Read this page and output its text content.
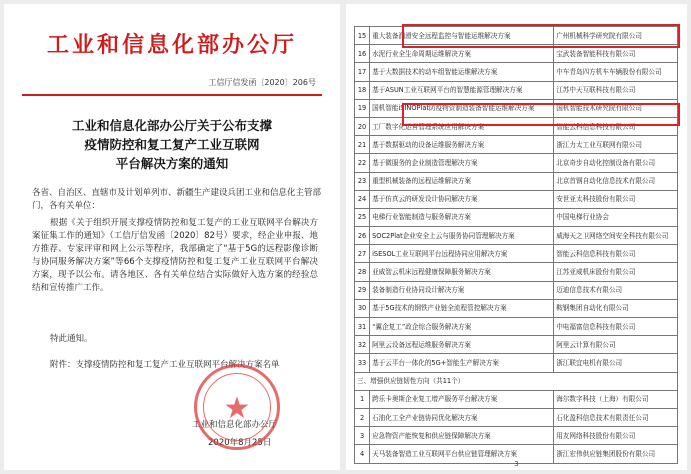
工业和信息化部办公厅
工信厅信发函〔2020〕206号
工业和信息化部办公厅关于公布支撑
疫情防控和复工复产工业互联网
平台解决方案的通知
各省、自治区、直辖市及计划单列市、新疆生产建设兵团工业和信息化主管部门，各有关单位：
根据《关于组织开展支撑疫情防控和复工复产的工业互联网平台解决方案征集工作的通知》（工信厅信发函〔2020〕82号）要求，经企业申报、地方推荐、专家评审和网上公示等程序，我部确定了“基于5G的远程影像诊断与协同服务解决方案”等66个支撑疫情防控和复工复产工业互联网平台解决方案，现予以公布。请各地区、各有关单位结合实际做好入选方案的经验总结和宣传推广工作。
特此通知。
附件：支撑疫情防控和复工复产工业互联网平台解决方案名单
工业和信息化部办公厅
2020年8月25日
★
15	重大装备润滑安全远程监控与智能运维解决方案	广州机械科学研究院有限公司
16	水泥行业全生命周期运维解决方案	宝武装备智能科技有限公司
17	基于大数据技术的动车组智能运维解决方案	中车青岛四方机车车辆股份有限公司
18	基于ASUN工业互联网平台的智慧能源管理解决方案	江苏中天互联科技有限公司
19	国机智能iSINOPlat防疫物资制造装备智能运维解决方案	国机智能技术研究院有限公司
20	工厂数字化运营管理系统应用解决方案	智能云科信息科技有限公司
21	基于数据驱动的设备运维服务解决方案	浙江力太工业互联网有限公司
22	基于微服务的企业制造管理解决方案	北京奇步自动化控制设备有限公司
23	重型机械装备的远程运维解决方案	北京首钢自动化信息技术有限公司
24	基于仿真云的研发设计协同解决方案	安世亚太科技股份有限公司
25	电梯行业智能制造与服务解决方案	中国电梯行业协会
26	SOC2Plat企业安全上云与服务协同管理解决方案	威海天之卫网络空间安全科技有限公司
27	iSESOL工业互联网平台远程协同应用解决方案	智能云科信息科技有限公司
28	亚威智云机床远程健康保障服务解决方案	江苏亚威机床股份有限公司
29	装备制造行业协同设计解决方案	迈迪信息技术有限公司
30	基于5G技术的钢铁产业链全流程管控解决方案	鞍钢集团自动化有限公司
31	“翼企复工”政企综合服务解决方案	中电福富信息科技有限公司
32	阿里云设备远程运维服务解决方案	阿里云计算有限公司
33	基于云平台一体化的5G+智能生产解决方案	浙江联宜电机有限公司
三、增强供应链韧性方向（共11个）		
1	跨乐卡奥斯企业复工增产服务平台解决方案	海尔数字科技（上海）有限公司
2	石油化工全产业链协同优化解决方案	石化盈科信息技术有限责任公司
3	应急物资产能恢复和供应链保障解决方案	用友网络科技股份有限公司
4	天马装备智造工业互联网平台供应链管理解决方案	浙江宏伟供应链集团股份有限公司
3
